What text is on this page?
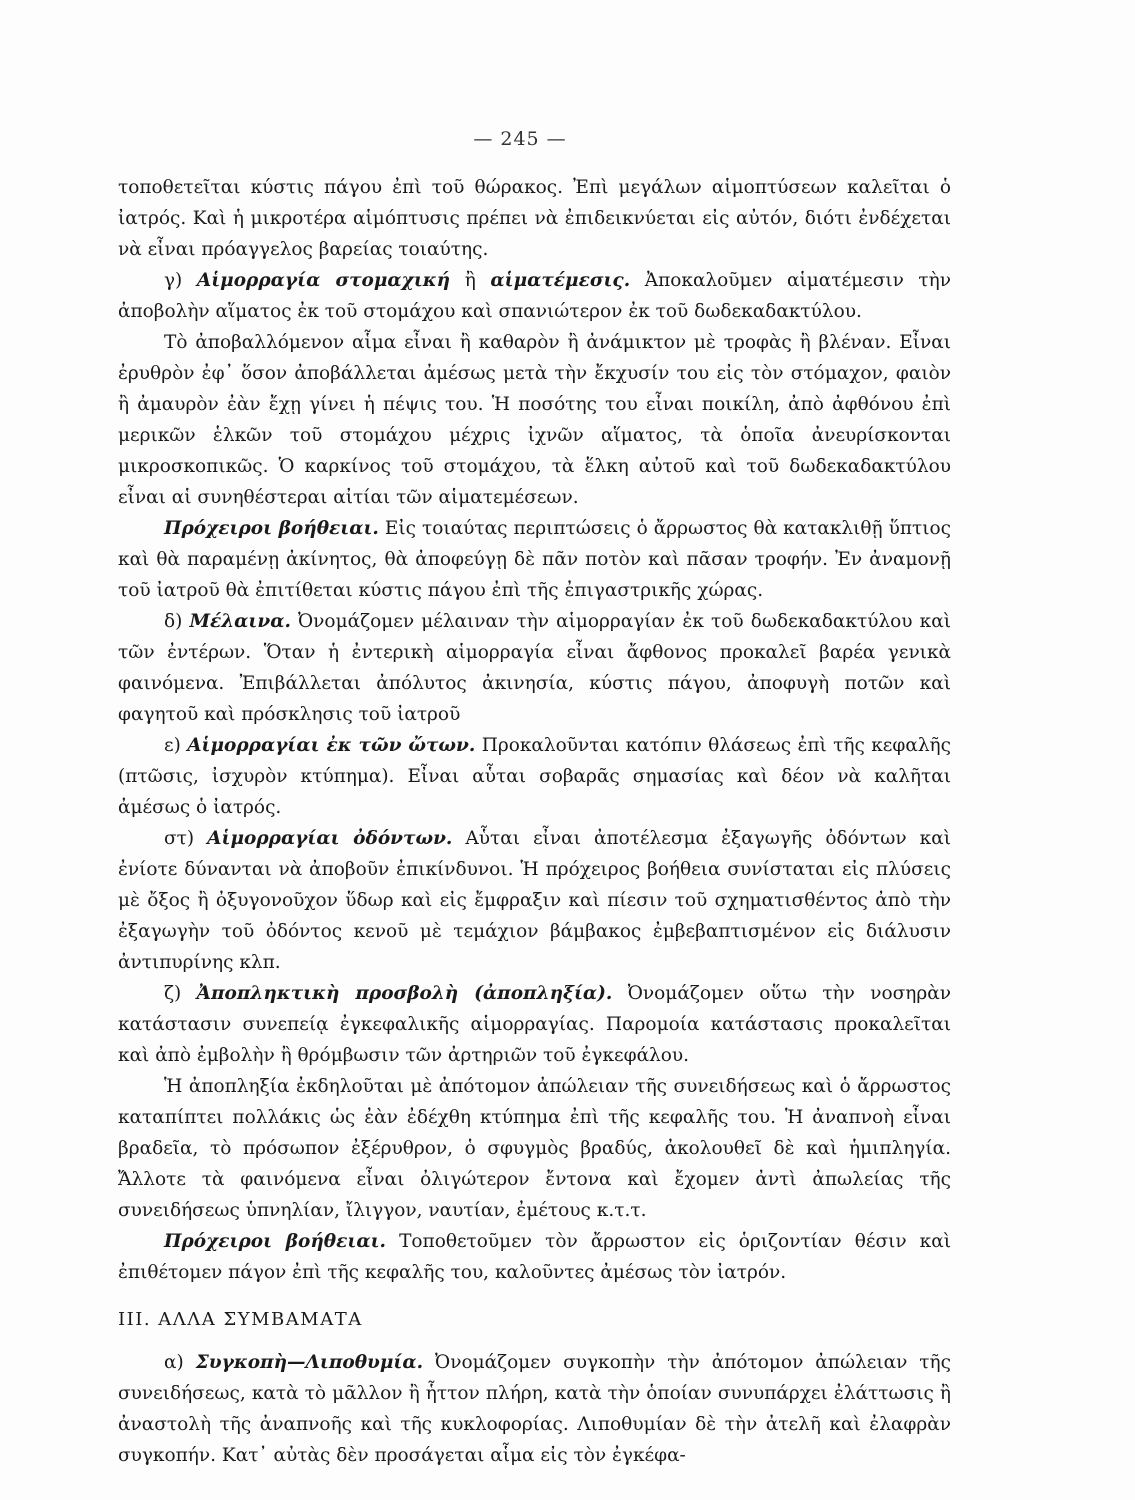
— 245 —

τοποθετεῖται κύστις πάγου ἐπὶ τοῦ θώρακος. Ἐπὶ μεγάλων αἱμοπτύσεων καλεῖται ὁ ἰατρός. Καὶ ἡ μικροτέρα αἱμόπτυσις πρέπει νὰ ἐπιδεικνύεται εἰς αὐτόν, διότι ἐνδέχεται νὰ εἶναι πρόαγγελος βαρείας τοιαύτης.

γ) Αἱμορραγία στομαχική ἢ αἱματέμεσις. Ἀποκαλοῦμεν αἱματέμεσιν τὴν ἀποβολὴν αἵματος ἐκ τοῦ στομάχου καὶ σπανιώτερον ἐκ τοῦ δωδεκαδακτύλου.

Τὸ ἀποβαλλόμενον αἷμα εἶναι ἢ καθαρὸν ἢ ἀνάμικτον μὲ τροφὰς ἢ βλέναν. Εἶναι ἐρυθρὸν ἐφ᾽ ὅσον ἀποβάλλεται ἀμέσως μετὰ τὴν ἔκχυσίν του εἰς τὸν στόμαχον, φαιὸν ἢ ἀμαυρὸν ἐὰν ἔχῃ γίνει ἡ πέψις του. Ἡ ποσότης του εἶναι ποικίλη, ἀπὸ ἀφθόνου ἐπὶ μερικῶν ἑλκῶν τοῦ στομάχου μέχρις ἰχνῶν αἵματος, τὰ ὁποῖα ἀνευρίσκονται μικροσκοπικῶς. Ὁ καρκίνος τοῦ στομάχου, τὰ ἕλκη αὐτοῦ καὶ τοῦ δωδεκαδακτύλου εἶναι αἱ συνηθέστεραι αἰτίαι τῶν αἱματεμέσεων.

Πρόχειροι βοήθειαι. Εἰς τοιαύτας περιπτώσεις ὁ ἄρρωστος θὰ κατακλιθῇ ὕπτιος καὶ θὰ παραμένῃ ἀκίνητος, θὰ ἀποφεύγῃ δὲ πᾶν ποτὸν καὶ πᾶσαν τροφήν. Ἐν ἀναμονῇ τοῦ ἰατροῦ θὰ ἐπιτίθεται κύστις πάγου ἐπὶ τῆς ἐπιγαστρικῆς χώρας.

δ) Μέλαινα. Ὀνομάζομεν μέλαιναν τὴν αἱμορραγίαν ἐκ τοῦ δωδεκαδακτύλου καὶ τῶν ἐντέρων. Ὅταν ἡ ἐντερικὴ αἱμορραγία εἶναι ἄφθονος προκαλεῖ βαρέα γενικὰ φαινόμενα. Ἐπιβάλλεται ἀπόλυτος ἀκινησία, κύστις πάγου, ἀποφυγὴ ποτῶν καὶ φαγητοῦ καὶ πρόσκλησις τοῦ ἰατροῦ

ε) Αἱμορραγίαι ἐκ τῶν ὤτων. Προκαλοῦνται κατόπιν θλάσεως ἐπὶ τῆς κεφαλῆς (πτῶσις, ἰσχυρὸν κτύπημα). Εἶναι αὗται σοβαρᾶς σημασίας καὶ δέον νὰ καλῆται ἀμέσως ὁ ἰατρός.

στ) Αἱμορραγίαι ὀδόντων. Αὗται εἶναι ἀποτέλεσμα ἐξαγωγῆς ὀδόντων καὶ ἐνίοτε δύνανται νὰ ἀποβοῦν ἐπικίνδυνοι. Ἡ πρόχειρος βοήθεια συνίσταται εἰς πλύσεις μὲ ὄξος ἢ ὀξυγονοῦχον ὕδωρ καὶ εἰς ἔμφραξιν καὶ πίεσιν τοῦ σχηματισθέντος ἀπὸ τὴν ἐξαγωγὴν τοῦ ὀδόντος κενοῦ μὲ τεμάχιον βάμβακος ἐμβεβαπτισμένον εἰς διάλυσιν ἀντιπυρίνης κλπ.

ζ) Ἀποπληκτικὴ προσβολὴ (ἀποπληξία). Ὀνομάζομεν οὕτω τὴν νοσηρὰν κατάστασιν συνεπείᾳ ἐγκεφαλικῆς αἱμορραγίας. Παρομοία κατάστασις προκαλεῖται καὶ ἀπὸ ἐμβολὴν ἢ θρόμβωσιν τῶν ἀρτηριῶν τοῦ ἐγκεφάλου.

Ἡ ἀποπληξία ἐκδηλοῦται μὲ ἀπότομον ἀπώλειαν τῆς συνειδήσεως καὶ ὁ ἄρρωστος καταπίπτει πολλάκις ὡς ἐὰν ἐδέχθη κτύπημα ἐπὶ τῆς κεφαλῆς του. Ἡ ἀναπνοὴ εἶναι βραδεῖα, τὸ πρόσωπον ἐξέρυθρον, ὁ σφυγμὸς βραδύς, ἀκολουθεῖ δὲ καὶ ἡμιπληγία. Ἄλλοτε τὰ φαινόμενα εἶναι ὀλιγώτερον ἔντονα καὶ ἔχομεν ἀντὶ ἀπωλείας τῆς συνειδήσεως ὑπνηλίαν, ἴλιγγον, ναυτίαν, ἐμέτους κ.τ.τ.

Πρόχειροι βοήθειαι. Τοποθετοῦμεν τὸν ἄρρωστον εἰς ὁριζοντίαν θέσιν καὶ ἐπιθέτομεν πάγον ἐπὶ τῆς κεφαλῆς του, καλοῦντες ἀμέσως τὸν ἰατρόν.

III. ΑΛΛΑ ΣΥΜΒΑΜΑΤΑ

α) Συγκοπὴ—Λιποθυμία. Ὀνομάζομεν συγκοπὴν τὴν ἀπότομον ἀπώλειαν τῆς συνειδήσεως, κατὰ τὸ μᾶλλον ἢ ἧττον πλήρη, κατὰ τὴν ὁποίαν συνυπάρχει ἐλάττωσις ἢ ἀναστολὴ τῆς ἀναπνοῆς καὶ τῆς κυκλοφορίας. Λιποθυμίαν δὲ τὴν ἀτελῆ καὶ ἐλαφρὰν συγκοπήν. Κατ᾽ αὐτὰς δὲν προσάγεται αἷμα εἰς τὸν ἐγκέφα-
